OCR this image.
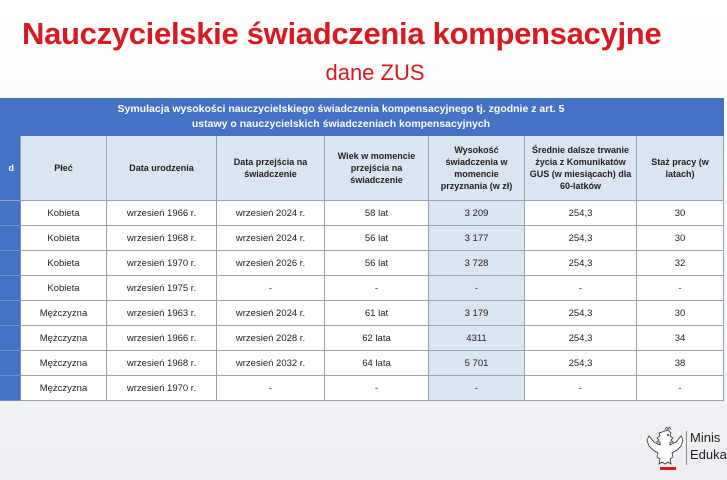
Nauczycielskie świadczenia kompensacyjne
dane ZUS
Symulacja wysokości nauczycielskiego świadczenia kompensacyjnego tj. zgodnie z art. 5
ustawy o nauczycielskich świadczeniach kompensacyjnych							
d	Płeć	Data urodzenia	Data przejścia na świadczenie	Wiek w momencie przejścia na świadczenie	Wysokość świadczenia w momencie przyznania (w zł)	Średnie dalsze trwanie życia z Komunikatów GUS (w miesiącach) dla 60-latków	Staż pracy (w latach)
	Kobieta	wrzesień 1966 r.	wrzesień 2024 r.	58 lat	3 209	254,3	30
	Kobieta	wrzesień 1968 r.	wrzesień 2024 r.	56 lat	3 177	254,3	30
	Kobieta	wrzesień 1970 r.	wrzesień 2026 r.	56 lat	3 728	254,3	32
	Kobieta	wrzesień 1975 r.	-	-	-	-	-
	Mężczyzna	wrzesień 1963 r.	wrzesień 2024 r.	61 lat	3 179	254,3	30
	Mężczyzna	wrzesień 1966 r.	wrzesień 2028 r.	62 lata	4311	254,3	34
	Mężczyzna	wrzesień 1968 r.	wrzesień 2032 r.	64 lata	5 701	254,3	38
	Mężczyzna	wrzesień 1970 r.	-	-	-	-	-
Minis
Eduka
